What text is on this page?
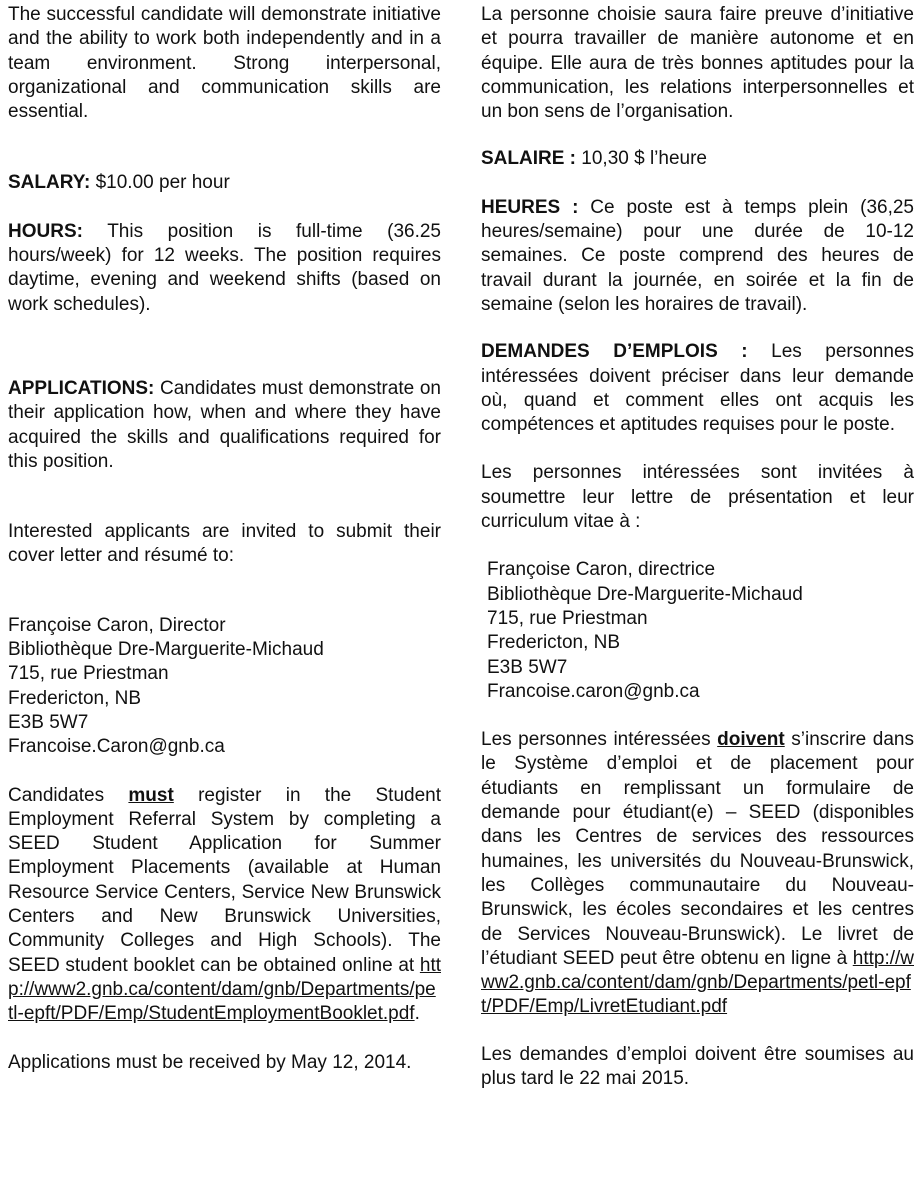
The successful candidate will demonstrate initiative and the ability to work both independently and in a team environment. Strong interpersonal, organizational and communication skills are essential.

SALARY: $10.00 per hour

HOURS: This position is full-time (36.25 hours/week) for 12 weeks. The position requires daytime, evening and weekend shifts (based on work schedules).

APPLICATIONS: Candidates must demonstrate on their application how, when and where they have acquired the skills and qualifications required for this position.

Interested applicants are invited to submit their cover letter and résumé to:

Françoise Caron, Director

Bibliothèque Dre-Marguerite-Michaud

715, rue Priestman

Fredericton, NB

E3B 5W7

Francoise.Caron@gnb.ca

Candidates must register in the Student Employment Referral System by completing a SEED Student Application for Summer Employment Placements (available at Human Resource Service Centers, Service New Brunswick Centers and New Brunswick Universities, Community Colleges and High Schools). The SEED student booklet can be obtained online at http://www2.gnb.ca/content/dam/gnb/Departments/petl-epft/PDF/Emp/StudentEmploymentBooklet.pdf.

Applications must be received by May 12, 2014.

La personne choisie saura faire preuve d’initiative et pourra travailler de manière autonome et en équipe. Elle aura de très bonnes aptitudes pour la communication, les relations interpersonnelles et un bon sens de l’organisation.

SALAIRE : 10,30 $ l’heure

HEURES : Ce poste est à temps plein (36,25 heures/semaine) pour une durée de 10-12 semaines. Ce poste comprend des heures de travail durant la journée, en soirée et la fin de semaine (selon les horaires de travail).

DEMANDES D’EMPLOIS : Les personnes intéressées doivent préciser dans leur demande où, quand et comment elles ont acquis les compétences et aptitudes requises pour le poste.

Les personnes intéressées sont invitées à soumettre leur lettre de présentation et leur curriculum vitae à :

Françoise Caron, directrice

Bibliothèque Dre-Marguerite-Michaud

715, rue Priestman

Fredericton, NB

E3B 5W7

Francoise.caron@gnb.ca

Les personnes intéressées doivent s’inscrire dans le Système d’emploi et de placement pour étudiants en remplissant un formulaire de demande pour étudiant(e) – SEED (disponibles dans les Centres de services des ressources humaines, les universités du Nouveau-Brunswick, les Collèges communautaire du Nouveau-Brunswick, les écoles secondaires et les centres de Services Nouveau-Brunswick). Le livret de l’étudiant SEED peut être obtenu en ligne à http://www2.gnb.ca/content/dam/gnb/Departments/petl-epft/PDF/Emp/LivretEtudiant.pdf

Les demandes d’emploi doivent être soumises au plus tard le 22 mai 2015.
